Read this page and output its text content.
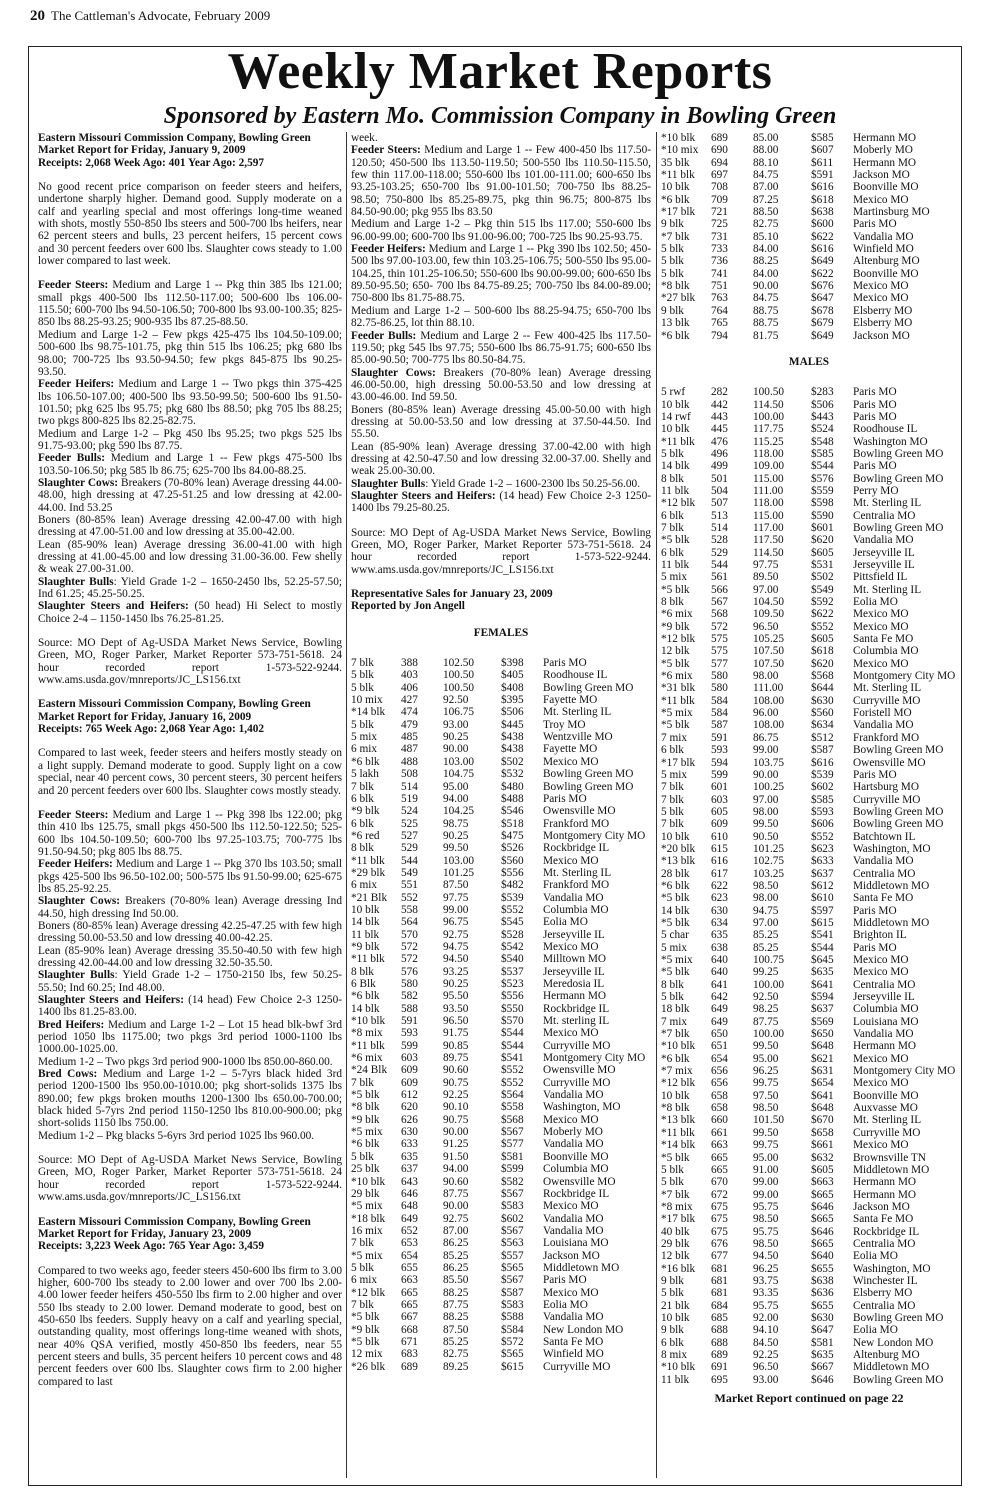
20 The Cattleman's Advocate, February 2009
Weekly Market Reports
Sponsored by Eastern Mo. Commission Company in Bowling Green
Eastern Missouri Commission Company, Bowling Green
Market Report for Friday, January 9, 2009
Receipts: 2,068 Week Ago: 401 Year Ago: 2,597

No good recent price comparison on feeder steers and heifers, undertone sharply higher. Demand good. Supply moderate on a calf and yearling special and most offerings long-time weaned with shots, mostly 550-850 lbs steers and 500-700 lbs heifers, near 62 percent steers and bulls, 23 percent heifers, 15 percent cows and 30 percent feeders over 600 lbs. Slaughter cows steady to 1.00 lower compared to last week.

Feeder Steers: Medium and Large 1 -- Pkg thin 385 lbs 121.00; small pkgs 400-500 lbs 112.50-117.00; 500-600 lbs 106.00-115.50; 600-700 lbs 94.50-106.50; 700-800 lbs 93.00-100.35; 825-850 lbs 88.25-93.25; 900-935 lbs 87.25-88.50.

Medium and Large 1-2 – Few pkgs 425-475 lbs 104.50-109.00; 500-600 lbs 98.75-101.75, pkg thin 515 lbs 106.25; pkg 680 lbs 98.00; 700-725 lbs 93.50-94.50; few pkgs 845-875 lbs 90.25-93.50.

Feeder Heifers: Medium and Large 1 -- Two pkgs thin 375-425 lbs 106.50-107.00; 400-500 lbs 93.50-99.50; 500-600 lbs 91.50-101.50; pkg 625 lbs 95.75; pkg 680 lbs 88.50; pkg 705 lbs 88.25; two pkgs 800-825 lbs 82.25-82.75.

Medium and Large 1-2 – Pkg 450 lbs 95.25; two pkgs 525 lbs 91.75-93.00; pkg 590 lbs 87.75.

Feeder Bulls: Medium and Large 1 -- Few pkgs 475-500 lbs 103.50-106.50; pkg 585 lb 86.75; 625-700 lbs 84.00-88.25.

Slaughter Cows: Breakers (70-80% lean) Average dressing 44.00-48.00, high dressing at 47.25-51.25 and low dressing at 42.00-44.00. Ind 53.25

Boners (80-85% lean) Average dressing 42.00-47.00 with high dressing at 47.00-51.00 and low dressing at 35.00-42.00.

Lean (85-90% lean) Average dressing 36.00-41.00 with high dressing at 41.00-45.00 and low dressing 31.00-36.00. Few shelly & weak 27.00-31.00.

Slaughter Bulls: Yield Grade 1-2 – 1650-2450 lbs, 52.25-57.50; Ind 61.25; 45.25-50.25.

Slaughter Steers and Heifers: (50 head) Hi Select to mostly Choice 2-4 – 1150-1450 lbs 76.25-81.25.

Source: MO Dept of Ag-USDA Market News Service, Bowling Green, MO, Roger Parker, Market Reporter 573-751-5618. 24 hour recorded report 1-573-522-9244. www.ams.usda.gov/mnreports/JC_LS156.txt

Eastern Missouri Commission Company, Bowling Green
Market Report for Friday, January 16, 2009
Receipts: 765 Week Ago: 2,068 Year Ago: 1,402

Compared to last week, feeder steers and heifers mostly steady on a light supply. Demand moderate to good. Supply light on a cow special, near 40 percent cows, 30 percent steers, 30 percent heifers and 20 percent feeders over 600 lbs. Slaughter cows mostly steady.

Feeder Steers: Medium and Large 1 -- Pkg 398 lbs 122.00; pkg thin 410 lbs 125.75, small pkgs 450-500 lbs 112.50-122.50; 525-600 lbs 104.50-109.50; 600-700 lbs 97.25-103.75; 700-775 lbs 91.50-94.50; pkg 805 lbs 88.75.

Feeder Heifers: Medium and Large 1 -- Pkg 370 lbs 103.50; small pkgs 425-500 lbs 96.50-102.00; 500-575 lbs 91.50-99.00; 625-675 lbs 85.25-92.25.

Slaughter Cows: Breakers (70-80% lean) Average dressing Ind 44.50, high dressing Ind 50.00.

Boners (80-85% lean) Average dressing 42.25-47.25 with few high dressing 50.00-53.50 and low dressing 40.00-42.25.

Lean (85-90% lean) Average dressing 35.50-40.50 with few high dressing 42.00-44.00 and low dressing 32.50-35.50.

Slaughter Bulls: Yield Grade 1-2 – 1750-2150 lbs, few 50.25-55.50; Ind 60.25; Ind 48.00.

Slaughter Steers and Heifers: (14 head) Few Choice 2-3 1250-1400 lbs 81.25-83.00.

Bred Heifers: Medium and Large 1-2 – Lot 15 head blk-bwf 3rd period 1050 lbs 1175.00; two pkgs 3rd period 1000-1100 lbs 1000.00-1025.00.

Medium 1-2 – Two pkgs 3rd period 900-1000 lbs 850.00-860.00.

Bred Cows: Medium and Large 1-2 – 5-7yrs black hided 3rd period 1200-1500 lbs 950.00-1010.00; pkg short-solids 1375 lbs 890.00; few pkgs broken mouths 1200-1300 lbs 650.00-700.00; black hided 5-7yrs 2nd period 1150-1250 lbs 810.00-900.00; pkg short-solids 1150 lbs 750.00.

Medium 1-2 – Pkg blacks 5-6yrs 3rd period 1025 lbs 960.00.

Source: MO Dept of Ag-USDA Market News Service, Bowling Green, MO, Roger Parker, Market Reporter 573-751-5618. 24 hour recorded report 1-573-522-9244. www.ams.usda.gov/mnreports/JC_LS156.txt

Eastern Missouri Commission Company, Bowling Green
Market Report for Friday, January 23, 2009
Receipts: 3,223 Week Ago: 765 Year Ago: 3,459

Compared to two weeks ago, feeder steers 450-600 lbs firm to 3.00 higher, 600-700 lbs steady to 2.00 lower and over 700 lbs 2.00-4.00 lower feeder heifers 450-550 lbs firm to 2.00 higher and over 550 lbs steady to 2.00 lower. Demand moderate to good, best on 450-650 lbs feeders. Supply heavy on a calf and yearling special, outstanding quality, most offerings long-time weaned with shots, near 40% QSA verified, mostly 450-850 lbs feeders, near 55 percent steers and bulls, 35 percent heifers 10 percent cows and 48 percent feeders over 600 lbs. Slaughter cows firm to 2.00 higher compared to last

week.

Feeder Steers: Medium and Large 1 -- Few 400-450 lbs 117.50-120.50; 450-500 lbs 113.50-119.50; 500-550 lbs 110.50-115.50, few thin 117.00-118.00; 550-600 lbs 101.00-111.00; 600-650 lbs 93.25-103.25; 650-700 lbs 91.00-101.50; 700-750 lbs 88.25-98.50; 750-800 lbs 85.25-89.75, pkg thin 96.75; 800-875 lbs 84.50-90.00; pkg 955 lbs 83.50

Medium and Large 1-2 – Pkg thin 515 lbs 117.00; 550-600 lbs 96.00-99.00; 600-700 lbs 91.00-96.00; 700-725 lbs 90.25-93.75.

Feeder Heifers: Medium and Large 1 -- Pkg 390 lbs 102.50; 450-500 lbs 97.00-103.00, few thin 103.25-106.75; 500-550 lbs 95.00-104.25, thin 101.25-106.50; 550-600 lbs 90.00-99.00; 600-650 lbs 89.50-95.50; 650- 700 lbs 84.75-89.25; 700-750 lbs 84.00-89.00; 750-800 lbs 81.75-88.75.

Medium and Large 1-2 – 500-600 lbs 88.25-94.75; 650-700 lbs 82.75-86.25, lot thin 88.10.

Feeder Bulls: Medium and Large 2 -- Few 400-425 lbs 117.50-119.50; pkg 545 lbs 97.75; 550-600 lbs 86.75-91.75; 600-650 lbs 85.00-90.50; 700-775 lbs 80.50-84.75.

Slaughter Cows: Breakers (70-80% lean) Average dressing 46.00-50.00, high dressing 50.00-53.50 and low dressing at 43.00-46.00. Ind 59.50.

Boners (80-85% lean) Average dressing 45.00-50.00 with high dressing at 50.00-53.50 and low dressing at 37.50-44.50. Ind 55.50.

Lean (85-90% lean) Average dressing 37.00-42.00 with high dressing at 42.50-47.50 and low dressing 32.00-37.00. Shelly and weak 25.00-30.00.

Slaughter Bulls: Yield Grade 1-2 – 1600-2300 lbs 50.25-56.00.

Slaughter Steers and Heifers: (14 head) Few Choice 2-3 1250-1400 lbs 79.25-80.25.

Source: MO Dept of Ag-USDA Market News Service, Bowling Green, MO, Roger Parker, Market Reporter 573-751-5618. 24 hour recorded report 1-573-522-9244. www.ams.usda.gov/mnreports/JC_LS156.txt

Representative Sales for January 23, 2009
Reported by Jon Angell
FEMALES
7 blk	388	102.50	$398	Paris MO
5 blk	403	100.50	$405	Roodhouse IL
5 blk	406	100.50	$408	Bowling Green MO
10 mix	427	92.50	$395	Fayette MO
*14 blk	474	106.75	$506	Mt. Sterling IL
5 blk	479	93.00	$445	Troy MO
5 mix	485	90.25	$438	Wentzville MO
6 mix	487	90.00	$438	Fayette MO
*6 blk	488	103.00	$502	Mexico MO
5 lakh	508	104.75	$532	Bowling Green MO
7 blk	514	95.00	$480	Bowling Green MO
6 blk	519	94.00	$488	Paris MO
*9 blk	524	104.25	$546	Owensville MO
6 blk	525	98.75	$518	Frankford MO
*6 red	527	90.25	$475	Montgomery City MO
8 blk	529	99.50	$526	Rockbridge IL
*11 blk	544	103.00	$560	Mexico MO
*29 blk	549	101.25	$556	Mt. Sterling IL
6 mix	551	87.50	$482	Frankford MO
*21 Blk	552	97.75	$539	Vandalia MO
10 blk	558	99.00	$552	Columbia MO
14 blk	564	96.75	$545	Eolia MO
11 blk	570	92.75	$528	Jerseyville IL
*9 blk	572	94.75	$542	Mexico MO
*11 blk	572	94.50	$540	Milltown MO
8 blk	576	93.25	$537	Jerseyville IL
6 Blk	580	90.25	$523	Meredosia IL
*6 blk	582	95.50	$556	Hermann MO
14 blk	588	93.50	$550	Rockbridge IL
*10 blk	591	96.50	$570	Mt. sterling IL
*8 mix	593	91.75	$544	Mexico MO
*11 blk	599	90.85	$544	Curryville MO
*6 mix	603	89.75	$541	Montgomery City MO
*24 Blk	609	90.60	$552	Owensville MO
7 blk	609	90.75	$552	Curryville MO
*5 blk	612	92.25	$564	Vandalia MO
*8 blk	620	90.10	$558	Washington, MO
*9 blk	626	90.75	$568	Mexico MO
*5 mix	630	90.00	$567	Moberly MO
*6 blk	633	91.25	$577	Vandalia MO
5 blk	635	91.50	$581	Boonville MO
25 blk	637	94.00	$599	Columbia MO
*10 blk	643	90.60	$582	Owensville MO
29 blk	646	87.75	$567	Rockbridge IL
*5 mix	648	90.00	$583	Mexico MO
*18 blk	649	92.75	$602	Vandalia MO
16 mix	652	87.00	$567	Vandalia MO
7 blk	653	86.25	$563	Louisiana MO
*5 mix	654	85.25	$557	Jackson MO
5 blk	655	86.25	$565	Middletown MO
6 mix	663	85.50	$567	Paris MO
*12 blk	665	88.25	$587	Mexico MO
7 blk	665	87.75	$583	Eolia MO
*5 blk	667	88.25	$588	Vandalia MO
*9 blk	668	87.50	$584	New London MO
*5 blk	671	85.25	$572	Santa Fe MO
12 mix	683	82.75	$565	Winfield MO
*26 blk	689	89.25	$615	Curryville MO
*10 blk	689	85.00	$585	Hermann MO
*10 mix	690	88.00	$607	Moberly MO
35 blk	694	88.10	$611	Hermann MO
*11 blk	697	84.75	$591	Jackson MO
10 blk	708	87.00	$616	Boonville MO
*6 blk	709	87.25	$618	Mexico MO
*17 blk	721	88.50	$638	Martinsburg MO
9 blk	725	82.75	$600	Paris MO
*7 blk	731	85.10	$622	Vandalia MO
5 blk	733	84.00	$616	Winfield MO
5 blk	736	88.25	$649	Altenburg MO
5 blk	741	84.00	$622	Boonville MO
*8 blk	751	90.00	$676	Mexico MO
*27 blk	763	84.75	$647	Mexico MO
9 blk	764	88.75	$678	Elsberry MO
13 blk	765	88.75	$679	Elsberry MO
*6 blk	794	81.75	$649	Jackson MO
MALES
5 rwf	282	100.50	$283	Paris MO
10 blk	442	114.50	$506	Paris MO
14 rwf	443	100.00	$443	Paris MO
10 blk	445	117.75	$524	Roodhouse IL
*11 blk	476	115.25	$548	Washington MO
5 blk	496	118.00	$585	Bowling Green MO
14 blk	499	109.00	$544	Paris MO
8 blk	501	115.00	$576	Bowling Green MO
11 blk	504	111.00	$559	Perry MO
*12 blk	507	118.00	$598	Mt. Sterling IL
6 blk	513	115.00	$590	Centralia MO
7 blk	514	117.00	$601	Bowling Green MO
*5 blk	528	117.50	$620	Vandalia MO
6 blk	529	114.50	$605	Jerseyville IL
11 blk	544	97.75	$531	Jerseyville IL
5 mix	561	89.50	$502	Pittsfield IL
*5 blk	566	97.00	$549	Mt. Sterling IL
8 blk	567	104.50	$592	Eolia MO
*6 mix	568	109.50	$622	Mexico MO
*9 blk	572	96.50	$552	Mexico MO
*12 blk	575	105.25	$605	Santa Fe MO
12 blk	575	107.50	$618	Columbia MO
*5 blk	577	107.50	$620	Mexico MO
*6 mix	580	98.00	$568	Montgomery City MO
*31 blk	580	111.00	$644	Mt. Sterling IL
*11 blk	584	108.00	$630	Curryville MO
*5 mix	584	96.00	$560	Foristell MO
*5 blk	587	108.00	$634	Vandalia MO
7 mix	591	86.75	$512	Frankford MO
6 blk	593	99.00	$587	Bowling Green MO
*17 blk	594	103.75	$616	Owensville MO
5 mix	599	90.00	$539	Paris MO
7 blk	601	100.25	$602	Hartsburg MO
7 blk	603	97.00	$585	Curryville MO
5 blk	605	98.00	$593	Bowling Green MO
7 blk	609	99.50	$606	Bowling Green MO
10 blk	610	90.50	$552	Batchtown IL
*20 blk	615	101.25	$623	Washington, MO
*13 blk	616	102.75	$633	Vandalia MO
28 blk	617	103.25	$637	Centralia MO
*6 blk	622	98.50	$612	Middletown MO
*5 blk	623	98.00	$610	Santa Fe MO
14 blk	630	94.75	$597	Paris MO
*5 blk	634	97.00	$615	Middletown MO
5 char	635	85.25	$541	Brighton IL
5 mix	638	85.25	$544	Paris MO
*5 mix	640	100.75	$645	Mexico MO
*5 blk	640	99.25	$635	Mexico MO
8 blk	641	100.00	$641	Centralia MO
5 blk	642	92.50	$594	Jerseyville IL
18 blk	649	98.25	$637	Columbia MO
7 mix	649	87.75	$569	Louisiana MO
*7 blk	650	100.00	$650	Vandalia MO
*10 blk	651	99.50	$648	Hermann MO
*6 blk	654	95.00	$621	Mexico MO
*7 mix	656	96.25	$631	Montgomery City MO
*12 blk	656	99.75	$654	Mexico MO
10 blk	658	97.50	$641	Boonville MO
*8 blk	658	98.50	$648	Auxvasse MO
*13 blk	660	101.50	$670	Mt. Sterling IL
*11 blk	661	99.50	$658	Curryville MO
*14 blk	663	99.75	$661	Mexico MO
*5 blk	665	95.00	$632	Brownsville TN
5 blk	665	91.00	$605	Middletown MO
5 blk	670	99.00	$663	Hermann MO
*7 blk	672	99.00	$665	Hermann MO
*8 mix	675	95.75	$646	Jackson MO
*17 blk	675	98.50	$665	Santa Fe MO
40 blk	675	95.75	$646	Rockbridge IL
29 blk	676	98.50	$665	Centralia MO
12 blk	677	94.50	$640	Eolia MO
*16 blk	681	96.25	$655	Washington, MO
9 blk	681	93.75	$638	Winchester IL
5 blk	681	93.35	$636	Elsberry MO
21 blk	684	95.75	$655	Centralia MO
10 blk	685	92.00	$630	Bowling Green MO
9 blk	688	94.10	$647	Eolia MO
6 blk	688	84.50	$581	New London MO
8 mix	689	92.25	$635	Altenburg MO
*10 blk	691	96.50	$667	Middletown MO
11 blk	695	93.00	$646	Bowling Green MO
Market Report continued on page 22
